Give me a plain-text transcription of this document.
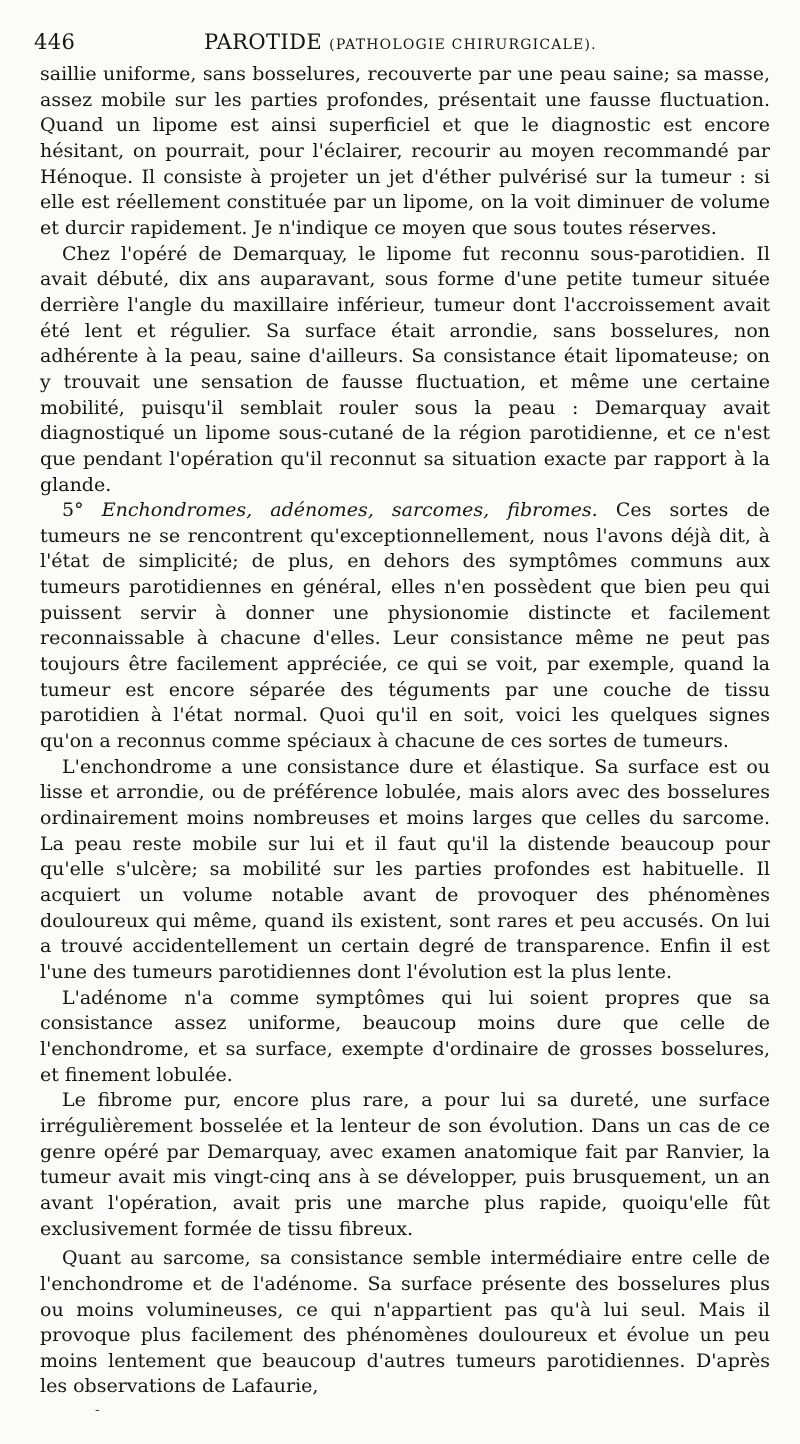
446	PAROTIDE (PATHOLOGIE CHIRURGICALE).

saillie uniforme, sans bosselures, recouverte par une peau saine; sa masse, assez mobile sur les parties profondes, présentait une fausse fluctuation. Quand un lipome est ainsi superficiel et que le diagnostic est encore hésitant, on pourrait, pour l'éclairer, recourir au moyen recommandé par Hénoque. Il consiste à projeter un jet d'éther pulvérisé sur la tumeur : si elle est réellement constituée par un lipome, on la voit diminuer de volume et durcir rapidement. Je n'indique ce moyen que sous toutes réserves.

Chez l'opéré de Demarquay, le lipome fut reconnu sous-parotidien. Il avait débuté, dix ans auparavant, sous forme d'une petite tumeur située derrière l'angle du maxillaire inférieur, tumeur dont l'accroissement avait été lent et régulier. Sa surface était arrondie, sans bosselures, non adhérente à la peau, saine d'ailleurs. Sa consistance était lipomateuse; on y trouvait une sensation de fausse fluctuation, et même une certaine mobilité, puisqu'il semblait rouler sous la peau : Demarquay avait diagnostiqué un lipome sous-cutané de la région parotidienne, et ce n'est que pendant l'opération qu'il reconnut sa situation exacte par rapport à la glande.

5° Enchondromes, adénomes, sarcomes, fibromes. Ces sortes de tumeurs ne se rencontrent qu'exceptionnellement, nous l'avons déjà dit, à l'état de simplicité; de plus, en dehors des symptômes communs aux tumeurs parotidiennes en général, elles n'en possèdent que bien peu qui puissent servir à donner une physionomie distincte et facilement reconnaissable à chacune d'elles. Leur consistance même ne peut pas toujours être facilement appréciée, ce qui se voit, par exemple, quand la tumeur est encore séparée des téguments par une couche de tissu parotidien à l'état normal. Quoi qu'il en soit, voici les quelques signes qu'on a reconnus comme spéciaux à chacune de ces sortes de tumeurs.

L'enchondrome a une consistance dure et élastique. Sa surface est ou lisse et arrondie, ou de préférence lobulée, mais alors avec des bosselures ordinairement moins nombreuses et moins larges que celles du sarcome. La peau reste mobile sur lui et il faut qu'il la distende beaucoup pour qu'elle s'ulcère; sa mobilité sur les parties profondes est habituelle. Il acquiert un volume notable avant de provoquer des phénomènes douloureux qui même, quand ils existent, sont rares et peu accusés. On lui a trouvé accidentellement un certain degré de transparence. Enfin il est l'une des tumeurs parotidiennes dont l'évolution est la plus lente.

L'adénome n'a comme symptômes qui lui soient propres que sa consistance assez uniforme, beaucoup moins dure que celle de l'enchondrome, et sa surface, exempte d'ordinaire de grosses bosselures, et finement lobulée.

Le fibrome pur, encore plus rare, a pour lui sa dureté, une surface irrégulièrement bosselée et la lenteur de son évolution. Dans un cas de ce genre opéré par Demarquay, avec examen anatomique fait par Ranvier, la tumeur avait mis vingt-cinq ans à se développer, puis brusquement, un an avant l'opération, avait pris une marche plus rapide, quoiqu'elle fût exclusivement formée de tissu fibreux.

Quant au sarcome, sa consistance semble intermédiaire entre celle de l'enchondrome et de l'adénome. Sa surface présente des bosselures plus ou moins volumineuses, ce qui n'appartient pas qu'à lui seul. Mais il provoque plus facilement des phénomènes douloureux et évolue un peu moins lentement que beaucoup d'autres tumeurs parotidiennes. D'après les observations de Lafaurie,

-
